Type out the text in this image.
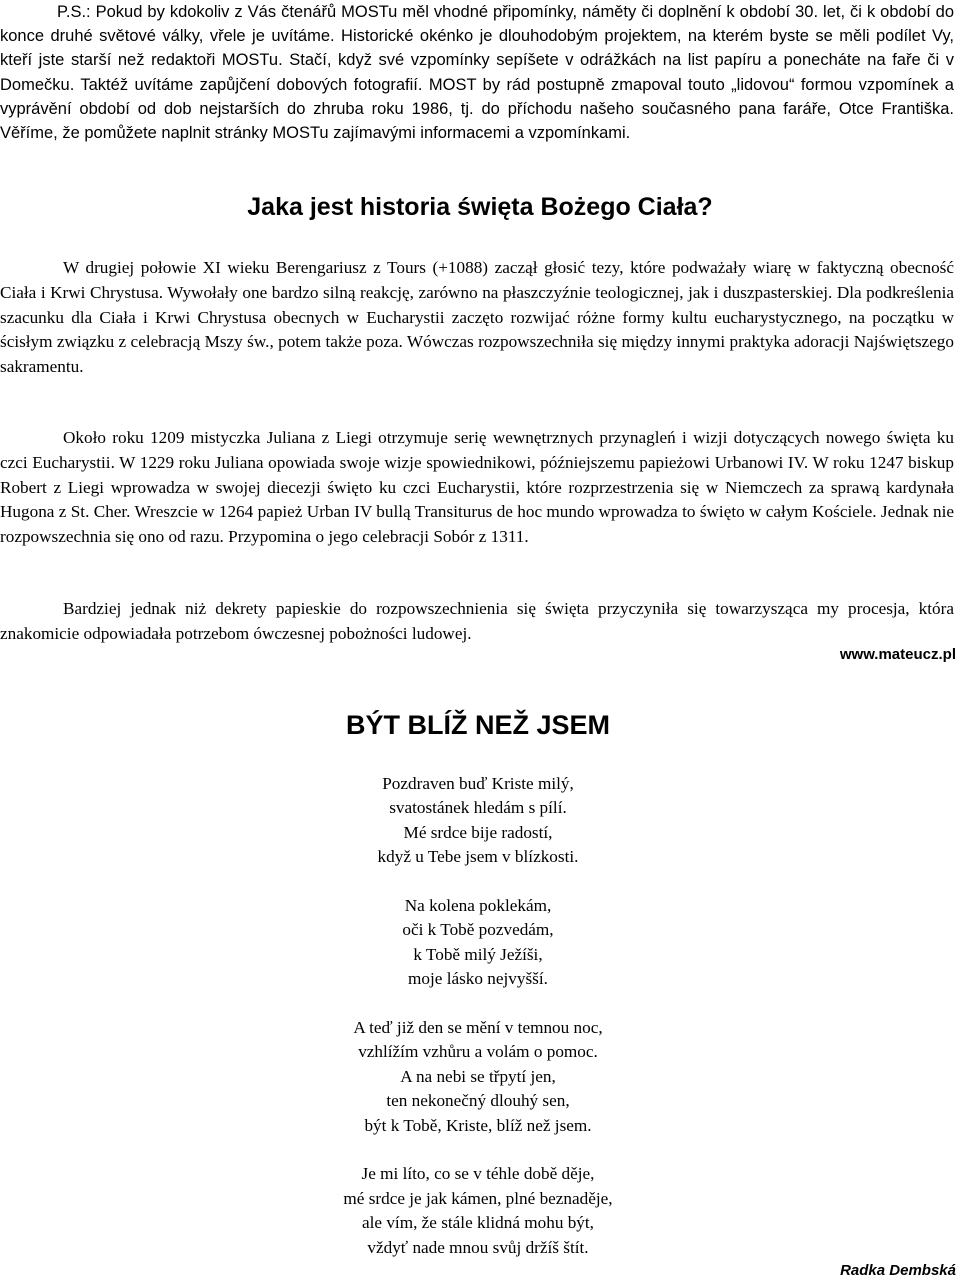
P.S.: Pokud by kdokoliv z Vás čtenářů MOSTu měl vhodné připomínky, náměty či doplnění k období 30. let, či k období do konce druhé světové války, vřele je uvítáme. Historické okénko je dlouhodobým projektem, na kterém byste se měli podílet Vy, kteří jste starší než redaktoři MOSTu. Stačí, když své vzpomínky sepíšete v odrážkách na list papíru a ponecháte na faře či v Domečku. Taktéž uvítáme zapůjčení dobových fotografií. MOST by rád postupně zmapoval touto „lidovou“ formou vzpomínek a vyprávění období od dob nejstarších do zhruba roku 1986, tj. do příchodu našeho současného pana faráře, Otce Františka. Věříme, že pomůžete naplnit stránky MOSTu zajímavými informacemi a vzpomínkami.
Jaka jest historia święta Bożego Ciała?
W drugiej połowie XI wieku Berengariusz z Tours (+1088) zaczął głosić tezy, które podważały wiarę w faktyczną obecność Ciała i Krwi Chrystusa. Wywołały one bardzo silną reakcję, zarówno na płaszczyźnie teologicznej, jak i duszpasterskiej. Dla podkreślenia szacunku dla Ciała i Krwi Chrystusa obecnych w Eucharystii zaczęto rozwijać różne formy kultu eucharystycznego, na początku w ścisłym związku z celebracją Mszy św., potem także poza. Wówczas rozpowszechniła się między innymi praktyka adoracji Najświętszego sakramentu.
Około roku 1209 mistyczka Juliana z Liegi otrzymuje serię wewnętrznych przynagleń i wizji dotyczących nowego święta ku czci Eucharystii. W 1229 roku Juliana opowiada swoje wizje spowiednikowi, późniejszemu papieżowi Urbanowi IV. W roku 1247 biskup Robert z Liegi wprowadza w swojej diecezji święto ku czci Eucharystii, które rozprzestrzenia się w Niemczech za sprawą kardynała Hugona z St. Cher. Wreszcie w 1264 papież Urban IV bullą Transiturus de hoc mundo wprowadza to święto w całym Kościele. Jednak nie rozpowszechnia się ono od razu. Przypomina o jego celebracji Sobór z 1311.
Bardziej jednak niż dekrety papieskie do rozpowszechnienia się święta przyczyniła się towarzysząca my procesja, która znakomicie odpowiadała potrzebom ówczesnej pobożności ludowej.
www.mateucz.pl
BÝT BLÍŽ NEŽ JSEM
Pozdraven buď Kriste milý,
svatostánek hledám s pílí.
Mé srdce bije radostí,
když u Tebe jsem v blízkosti.
Na kolena poklekám,
oči k Tobě pozvedám,
k Tobě milý Ježíši,
moje lásko nejvyšší.
A teď již den se mění v temnou noc,
vzhlížím vzhůru a volám o pomoc.
A na nebi se třpytí jen,
ten nekonečný dlouhý sen,
být k Tobě, Kriste, blíž než jsem.
Je mi líto, co se v téhle době děje,
mé srdce je jak kámen, plné beznaděje,
ale vím, že stále klidná mohu být,
vždyť nade mnou svůj držíš štít.
Radka Dembská
